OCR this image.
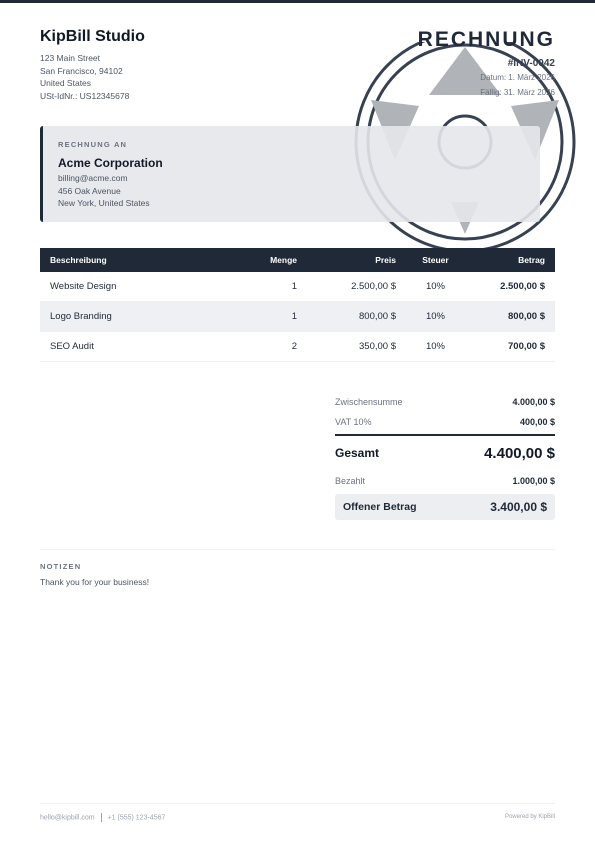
KipBill Studio
123 Main Street
San Francisco, 94102
United States
USt-IdNr.: US12345678
RECHNUNG
#INV-0042
Datum: 1. März 2026
Fällig: 31. März 2026
RECHNUNG AN
Acme Corporation
billing@acme.com
456 Oak Avenue
New York, United States
Beschreibung	Menge	Preis	Steuer	Betrag
Website Design	1	2.500,00 $	10%	2.500,00 $
Logo Branding	1	800,00 $	10%	800,00 $
SEO Audit	2	350,00 $	10%	700,00 $
Zwischensumme	4.000,00 $
VAT 10%	400,00 $
Gesamt	4.400,00 $
Bezahlt	1.000,00 $
Offener Betrag	3.400,00 $
NOTIZEN
Thank you for your business!
hello@kipbill.com +1 (555) 123-4567	Powered by KipBill
